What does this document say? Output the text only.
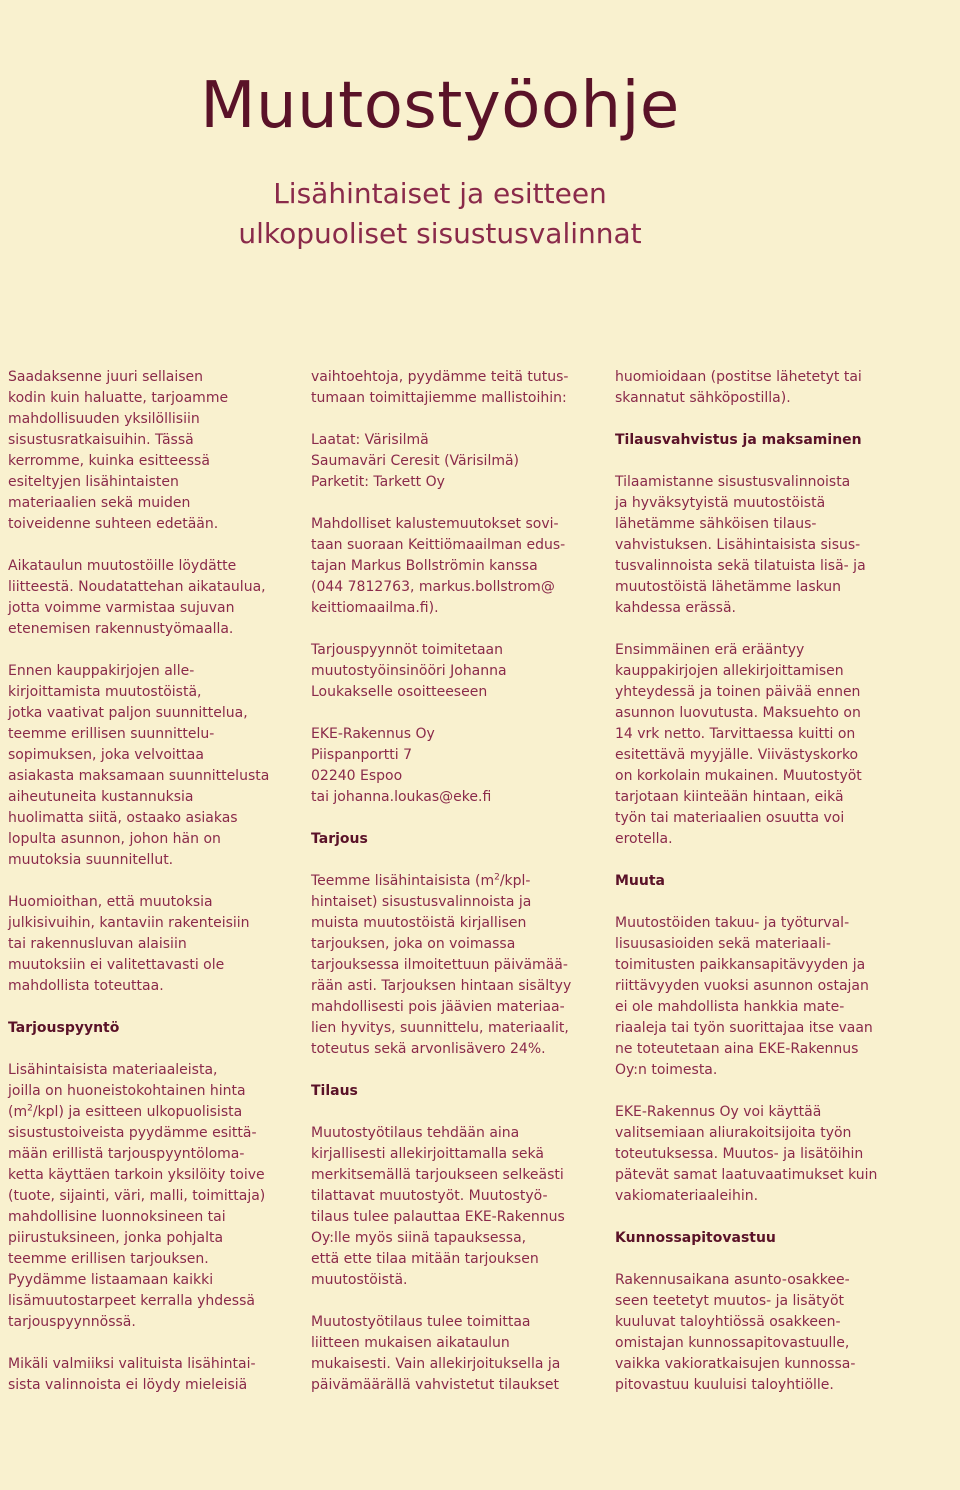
Muutostyöohje
Lisähintaiset ja esitteen
ulkopuoliset sisustusvalinnat

Saadaksenne juuri sellaisen
kodin kuin haluatte, tarjoamme
mahdollisuuden yksilöllisiin
sisustusratkaisuihin. Tässä
kerromme, kuinka esitteessä
esiteltyjen lisähintaisten
materiaalien sekä muiden
toiveidenne suhteen edetään.

Aikataulun muutostöille löydätte
liitteestä. Noudatattehan aikataulua,
jotta voimme varmistaa sujuvan
etenemisen rakennustyömaalla.

Ennen kauppakirjojen alle-
kirjoittamista muutostöistä,
jotka vaativat paljon suunnittelua,
teemme erillisen suunnittelu-
sopimuksen, joka velvoittaa
asiakasta maksamaan suunnittelusta
aiheutuneita kustannuksia
huolimatta siitä, ostaako asiakas
lopulta asunnon, johon hän on
muutoksia suunnitellut.

Huomioithan, että muutoksia
julkisivuihin, kantaviin rakenteisiin
tai rakennusluvan alaisiin
muutoksiin ei valitettavasti ole
mahdollista toteuttaa.

Tarjouspyyntö

Lisähintaisista materiaaleista,
joilla on huoneistokohtainen hinta
$(m^2/kpl)$ ja esitteen ulkopuolisista
sisustustoiveista pyydämme esittä-
mään erillistä tarjouspyyntöloma-
ketta käyttäen tarkoin yksilöity toive
(tuote, sijainti, väri, malli, toimittaja)
mahdollisine luonnoksineen tai
piirustuksineen, jonka pohjalta
teemme erillisen tarjouksen.
Pyydämme listaamaan kaikki
lisämuutostarpeet kerralla yhdessä
tarjouspyynnössä.

Mikäli valmiiksi valituista lisähintai-
sista valinnoista ei löydy mieleisiä

vaihtoehtoja, pyydämme teitä tutus-
tumaan toimittajiemme mallistoihin:

Laatat: Värisilmä
Saumaväri Ceresit (Värisilmä)
Parketit: Tarkett Oy

Mahdolliset kalustemuutokset sovi-
taan suoraan Keittiömaailman edus-
tajan Markus Bollströmin kanssa
(044 7812763, markus.bollstrom@
keittiomaailma.fi).

Tarjouspyynnöt toimitetaan
muutostyöinsinööri Johanna
Loukakselle osoitteeseen

EKE-Rakennus Oy
Piispanportti 7
02240 Espoo
tai johanna.loukas@eke.fi

Tarjous

Teemme lisähintaisista ($m^2/kpl-$
hintaiset) sisustusvalinnoista ja
muista muutostöistä kirjallisen
tarjouksen, joka on voimassa
tarjouksessa ilmoitettuun päivämää-
rään asti. Tarjouksen hintaan sisältyy
mahdollisesti pois jäävien materiaa-
lien hyvitys, suunnittelu, materiaalit,
toteutus sekä arvonlisävero 24%.

Tilaus

Muutostyötilaus tehdään aina
kirjallisesti allekirjoittamalla sekä
merkitsemällä tarjoukseen selkeästi
tilattavat muutostyöt. Muutostyö-
tilaus tulee palauttaa EKE-Rakennus
Oy:lle myös siinä tapauksessa,
että ette tilaa mitään tarjouksen
muutostöistä.

Muutostyötilaus tulee toimittaa
liitteen mukaisen aikataulun
mukaisesti. Vain allekirjoituksella ja
päivämäärällä vahvistetut tilaukset

huomioidaan (postitse lähetetyt tai
skannatut sähköpostilla).

Tilausvahvistus ja maksaminen

Tilaamistanne sisustusvalinnoista
ja hyväksytyistä muutostöistä
lähetämme sähköisen tilaus-
vahvistuksen. Lisähintaisista sisus-
tusvalinnoista sekä tilatuista lisä- ja
muutostöistä lähetämme laskun
kahdessa erässä.

Ensimmäinen erä erääntyy
kauppakirjojen allekirjoittamisen
yhteydessä ja toinen päivää ennen
asunnon luovutusta. Maksuehto on
14 vrk netto. Tarvittaessa kuitti on
esitettävä myyjälle. Viivästyskorko
on korkolain mukainen. Muutostyöt
tarjotaan kiinteään hintaan, eikä
työn tai materiaalien osuutta voi
erotella.

Muuta

Muutostöiden takuu- ja työturval-
lisuusasioiden sekä materiaali-
toimitusten paikkansapitävyyden ja
riittävyyden vuoksi asunnon ostajan
ei ole mahdollista hankkia mate-
riaaleja tai työn suorittajaa itse vaan
ne toteutetaan aina EKE-Rakennus
Oy:n toimesta.

EKE-Rakennus Oy voi käyttää
valitsemiaan aliurakoitsijoita työn
toteutuksessa. Muutos- ja lisätöihin
pätevät samat laatuvaatimukset kuin
vakiomateriaaleihin.

Kunnossapitovastuu

Rakennusaikana asunto-osakkee-
seen teetetyt muutos- ja lisätyöt
kuuluvat taloyhtiössä osakkeen-
omistajan kunnossapitovastuulle,
vaikka vakioratkaisujen kunnossa-
pitovastuu kuuluisi taloyhtiölle.
